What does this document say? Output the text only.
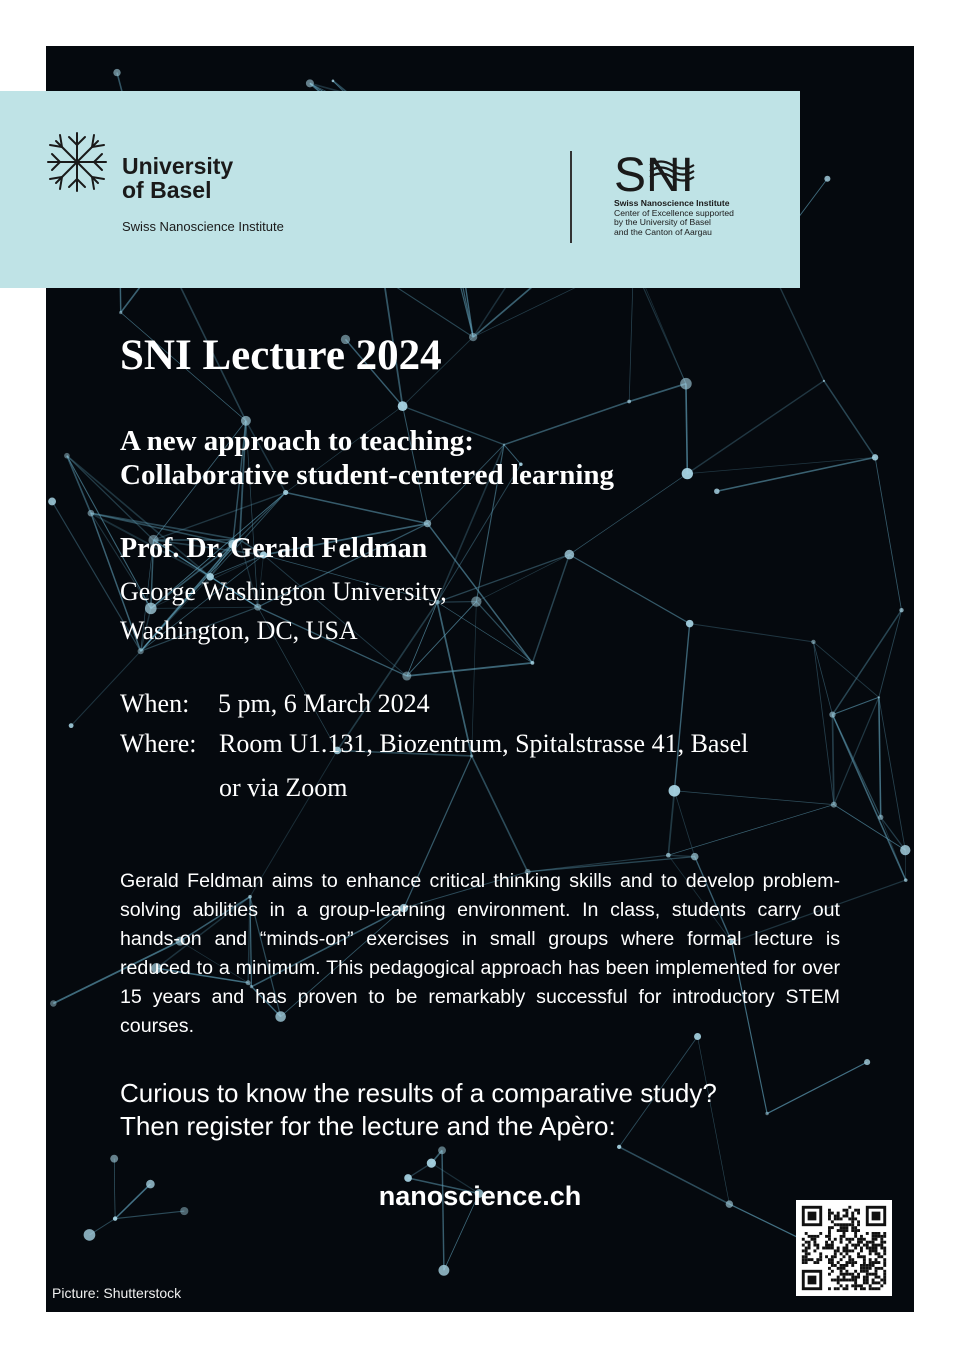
University
of Basel
Swiss Nanoscience Institute
SNI
Swiss Nanoscience Institute
Center of Excellence supported
by the University of Basel
and the Canton of Aargau
SNI Lecture 2024
A new approach to teaching:
Collaborative student-centered learning
Prof. Dr. Gerald Feldman
George Washington University,
Washington, DC, USA
When: 5 pm, 6 March 2024
Where: Room U1.131, Biozentrum, Spitalstrasse 41, Basel
or via Zoom

Gerald Feldman aims to enhance critical thinking skills and to develop problem-solving abilities in a group-learning environment. In class, students carry out hands-on and “minds-on” exercises in small groups where formal lecture is reduced to a minimum. This pedagogical approach has been implemented for over 15 years and has proven to be remarkably successful for introductory STEM courses.

Curious to know the results of a comparative study?
Then register for the lecture and the Apèro:
nanoscience.ch
Picture: Shutterstock
